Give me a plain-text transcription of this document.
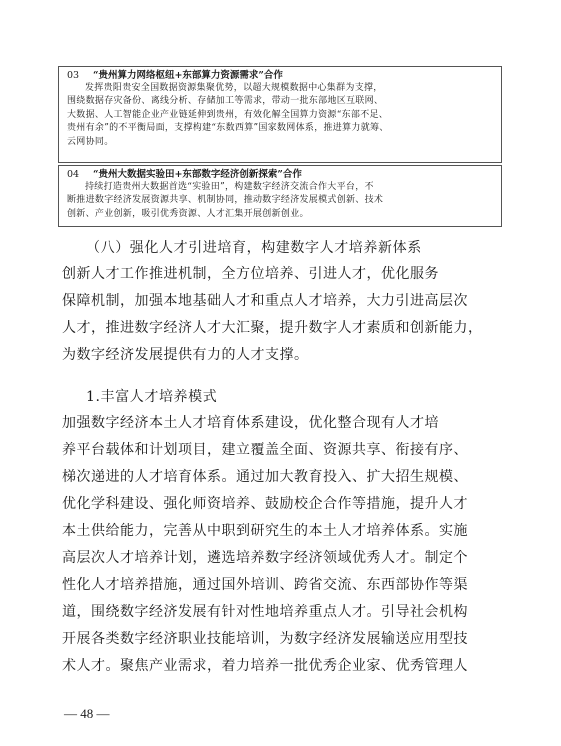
03 “贵州算力网络枢纽+东部算力资源需求”合作
发挥贵阳贵安全国数据资源集聚优势，以超大规模数据中心集群为支撑，
围绕数据存灾备份、离线分析、存储加工等需求，带动一批东部地区互联网、
大数据、人工智能企业产业链延伸到贵州，有效化解全国算力资源“东部不足、
贵州有余”的不平衡局面，支撑构建“东数西算”国家数网体系，推进算力就筹、
云网协同。
04 “贵州大数据实验田+东部数字经济创新探索”合作
持续打造贵州大数据首选“实验田”，构建数字经济交流合作大平台，不
断推进数字经济发展资源共享、机制协同，推动数字经济发展模式创新、技术
创新、产业创新，吸引优秀资源、人才汇集开展创新创业。
（八）强化人才引进培育，构建数字人才培养新体系
创新人才工作推进机制，全方位培养、引进人才，优化服务
保障机制，加强本地基础人才和重点人才培养，大力引进高层次
人才，推进数字经济人才大汇聚，提升数字人才素质和创新能力，
为数字经济发展提供有力的人才支撑。
1.丰富人才培养模式
加强数字经济本土人才培育体系建设，优化整合现有人才培
养平台载体和计划项目，建立覆盖全面、资源共享、衔接有序、
梯次递进的人才培育体系。通过加大教育投入、扩大招生规模、
优化学科建设、强化师资培养、鼓励校企合作等措施，提升人才
本土供给能力，完善从中职到研究生的本土人才培养体系。实施
高层次人才培养计划，遴选培养数字经济领域优秀人才。制定个
性化人才培养措施，通过国外培训、跨省交流、东西部协作等渠
道，围绕数字经济发展有针对性地培养重点人才。引导社会机构
开展各类数字经济职业技能培训，为数字经济发展输送应用型技
术人才。聚焦产业需求，着力培养一批优秀企业家、优秀管理人
— 48 —
